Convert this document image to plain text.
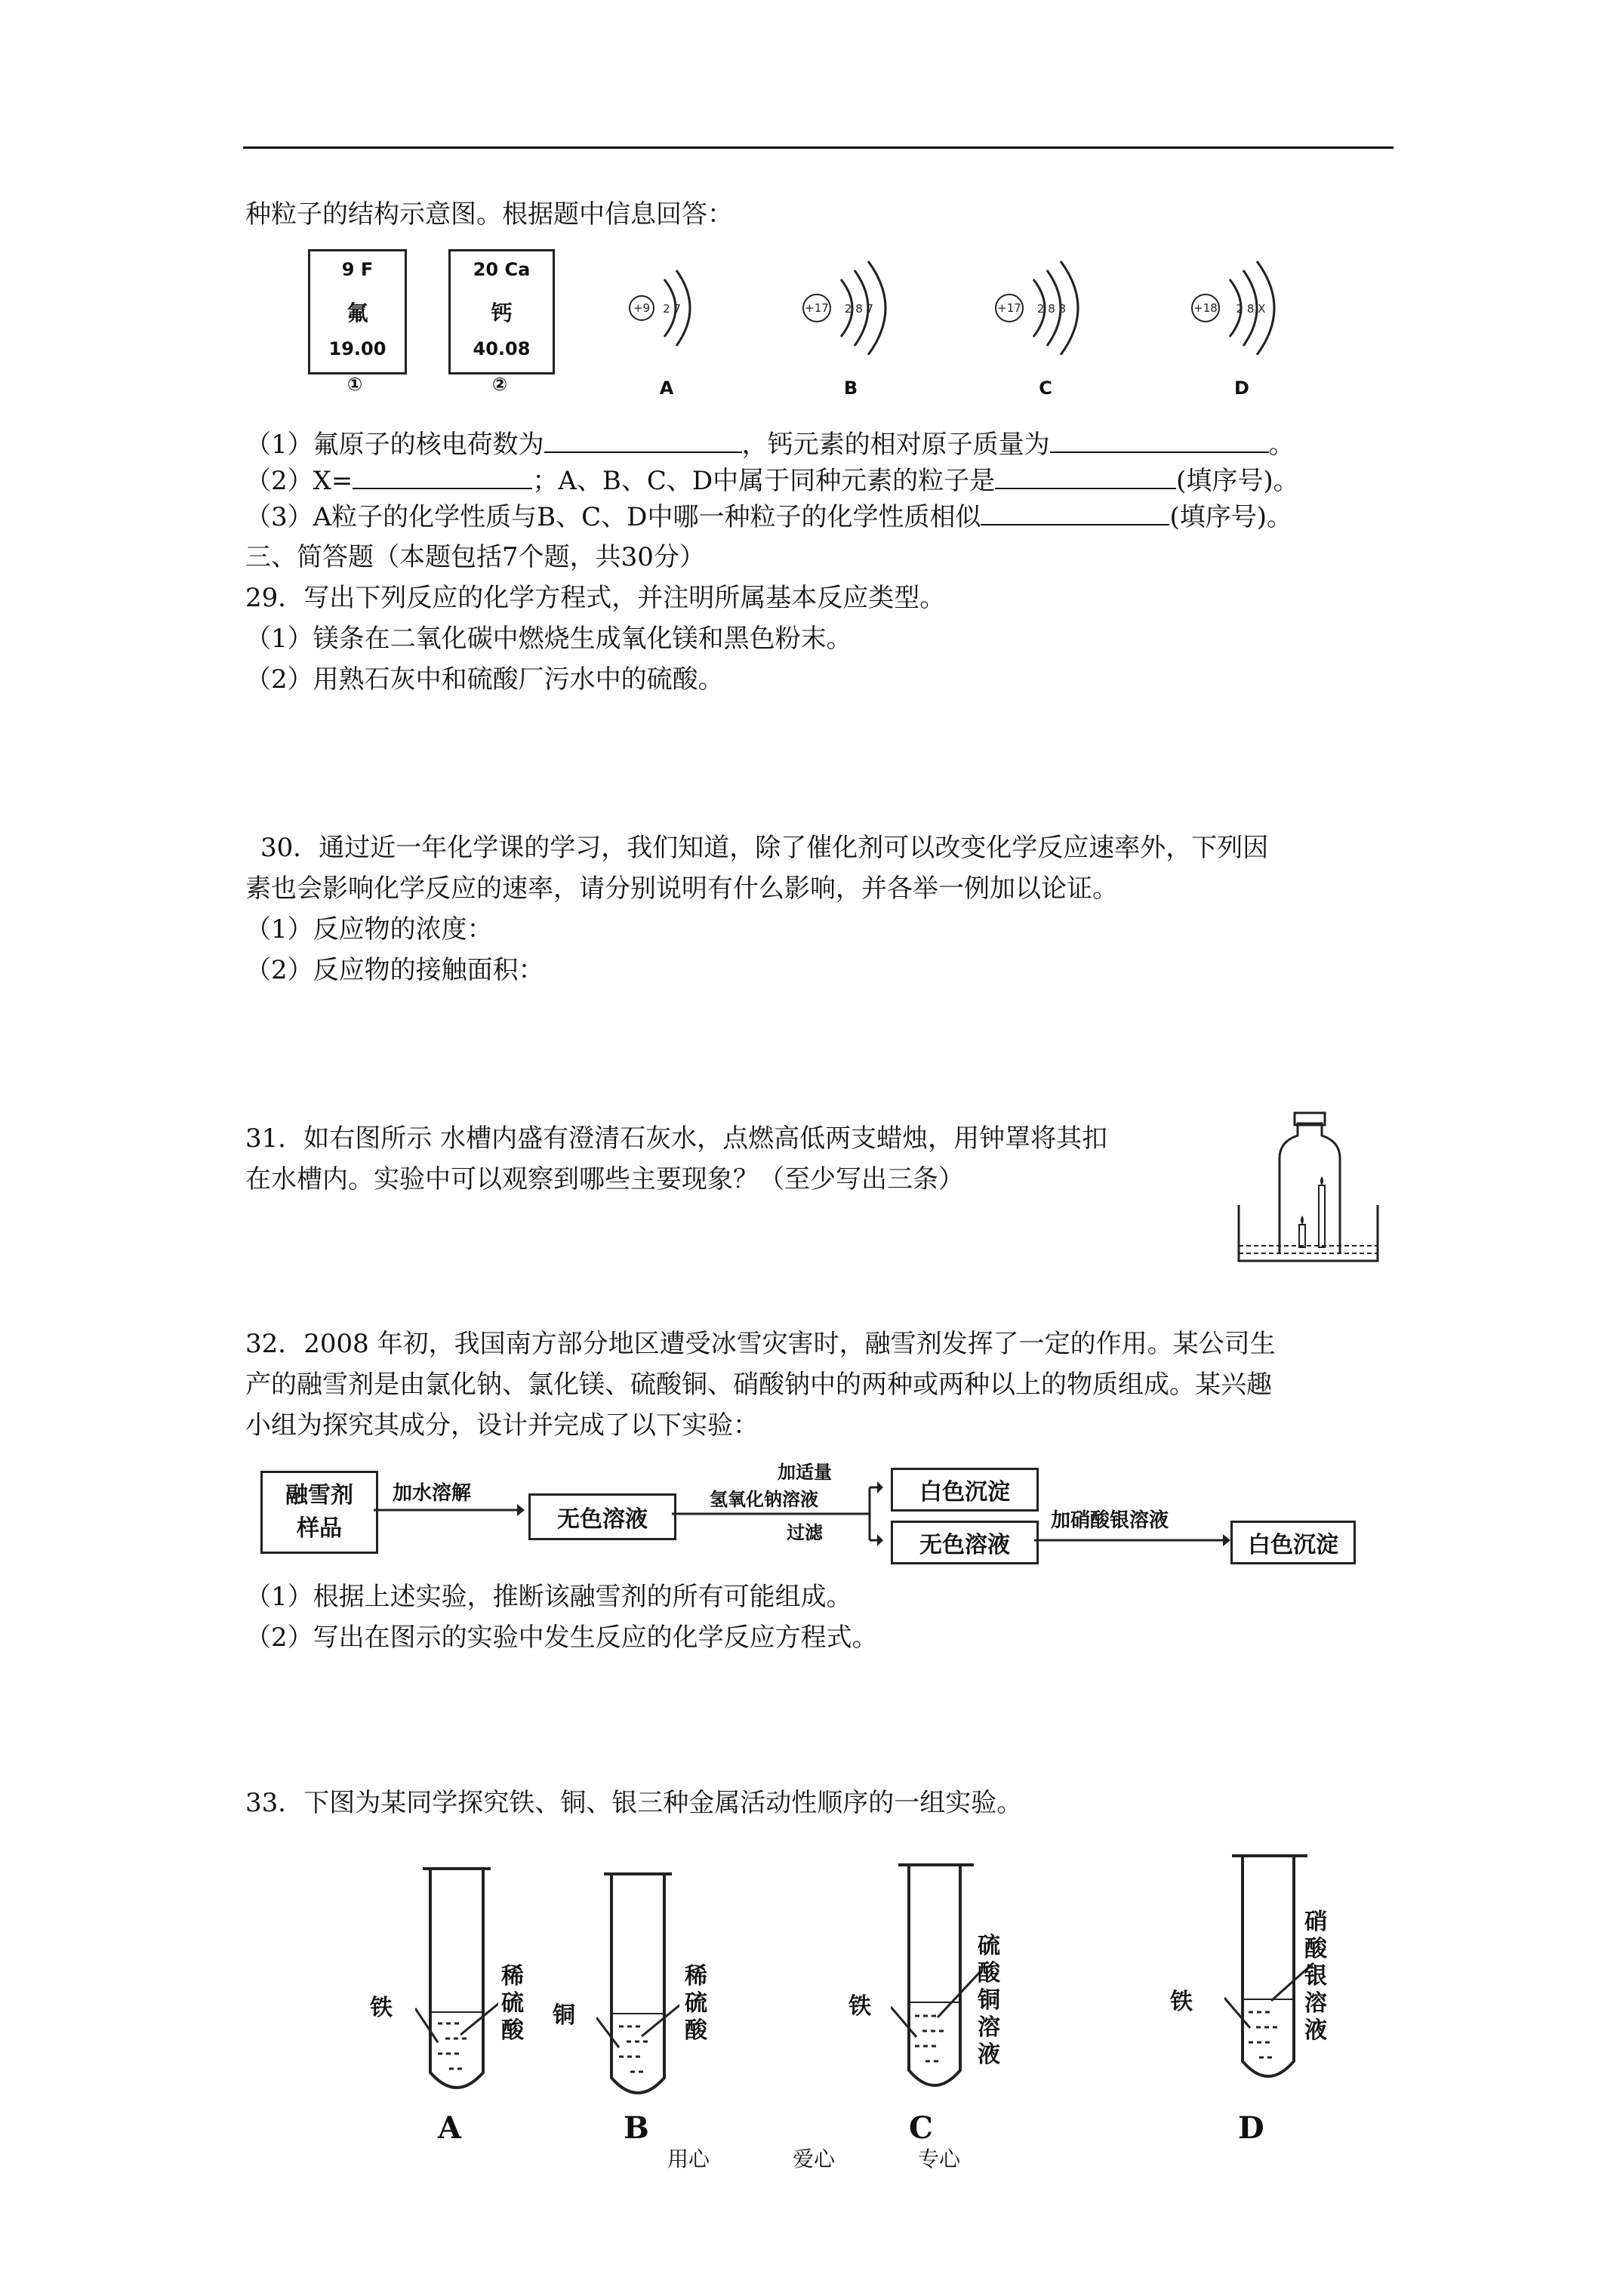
种粒子的结构示意图。根据题中信息回答：
9 F
氟
19.00
①
20 Ca
钙
40.08
②
+9 2 7
A
+17 2 8 7
B
+17 2 8 8
C
+18 2 8 X
D
（1）氟原子的核电荷数为	，钙元素的相对原子质量为	。
（2）X=	；A、B、C、D中属于同种元素的粒子是	(填序号)。
（3）A粒子的化学性质与B、C、D中哪一种粒子的化学性质相似	(填序号)。
三、简答题（本题包括7个题，共30分）
29．写出下列反应的化学方程式，并注明所属基本反应类型。
（1）镁条在二氧化碳中燃烧生成氧化镁和黑色粉末。
（2）用熟石灰中和硫酸厂污水中的硫酸。
30．通过近一年化学课的学习，我们知道，除了催化剂可以改变化学反应速率外，下列因
素也会影响化学反应的速率，请分别说明有什么影响，并各举一例加以论证。
（1）反应物的浓度：
（2）反应物的接触面积：
31．如右图所示 水槽内盛有澄清石灰水，点燃高低两支蜡烛，用钟罩将其扣
在水槽内。实验中可以观察到哪些主要现象？（至少写出三条）
32．2008 年初，我国南方部分地区遭受冰雪灾害时，融雪剂发挥了一定的作用。某公司生
产的融雪剂是由氯化钠、氯化镁、硫酸铜、硝酸钠中的两种或两种以上的物质组成。某兴趣
小组为探究其成分，设计并完成了以下实验：
融雪剂
样品
加水溶解
无色溶液
加适量
氢氧化钠溶液
过滤
白色沉淀
无色溶液
加硝酸银溶液
白色沉淀
（1）根据上述实验，推断该融雪剂的所有可能组成。
（2）写出在图示的实验中发生反应的化学反应方程式。
33．下图为某同学探究铁、铜、银三种金属活动性顺序的一组实验。
铁
稀硫酸
A
铜
稀硫酸
B
铁
硫酸铜溶液
C
铁
硝酸银溶液
D
用心	爱心	专心
